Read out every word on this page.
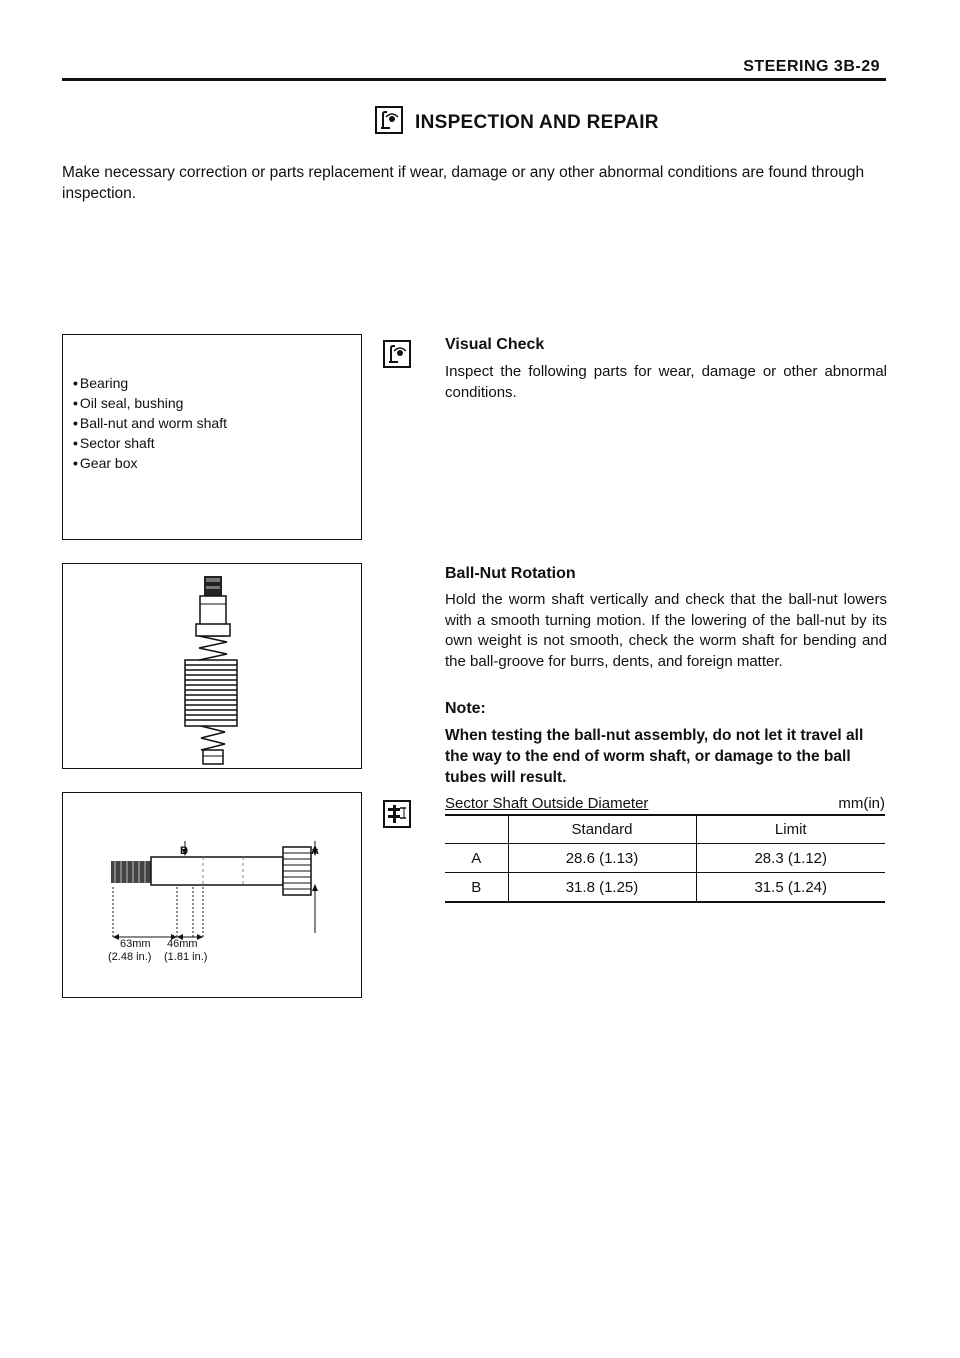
STEERING 3B-29
INSPECTION AND REPAIR
Make necessary correction or parts replacement if wear, damage or any other abnormal conditions are found through inspection.
• Bearing
• Oil seal, bushing
• Ball-nut and worm shaft
• Sector shaft
• Gear box
Visual Check
Inspect the following parts for wear, damage or other abnormal conditions.
Ball-Nut Rotation
Hold the worm shaft vertically and check that the ball-nut lowers with a smooth turning motion. If the lowering of the ball-nut by its own weight is not smooth, check the worm shaft for bending and the ball-groove for burrs, dents, and foreign matter.
Note:
When testing the ball-nut assembly, do not let it travel all the way to the end of worm shaft, or damage to the ball tubes will result.
B	A
63mm 46mm
(2.48 in.) (1.81 in.)
Sector Shaft Outside Diameter	mm(in)
	Standard	Limit
A	28.6 (1.13)	28.3 (1.12)
B	31.8 (1.25)	31.5 (1.24)
